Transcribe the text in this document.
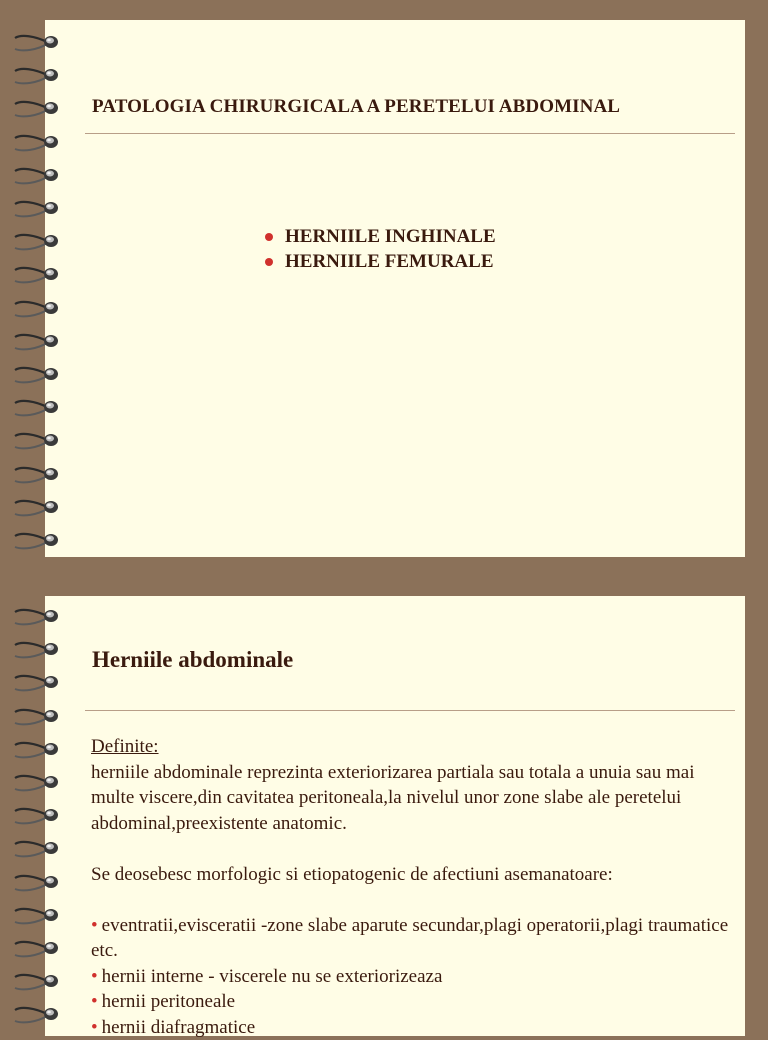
PATOLOGIA CHIRURGICALA A PERETELUI ABDOMINAL
HERNIILE INGHINALE
HERNIILE FEMURALE
Herniile abdominale

Definite:

herniile abdominale reprezinta exteriorizarea partiala sau totala a unuia sau mai multe viscere,din cavitatea peritoneala,la nivelul unor zone slabe ale peretelui abdominal,preexistente anatomic.

Se deosebesc morfologic si etiopatogenic de afectiuni asemanatoare:

• eventratii,evisceratii -zone slabe aparute secundar,plagi operatorii,plagi traumatice etc.

• hernii interne - viscerele nu se exteriorizeaza

• hernii peritoneale

• hernii diafragmatice
